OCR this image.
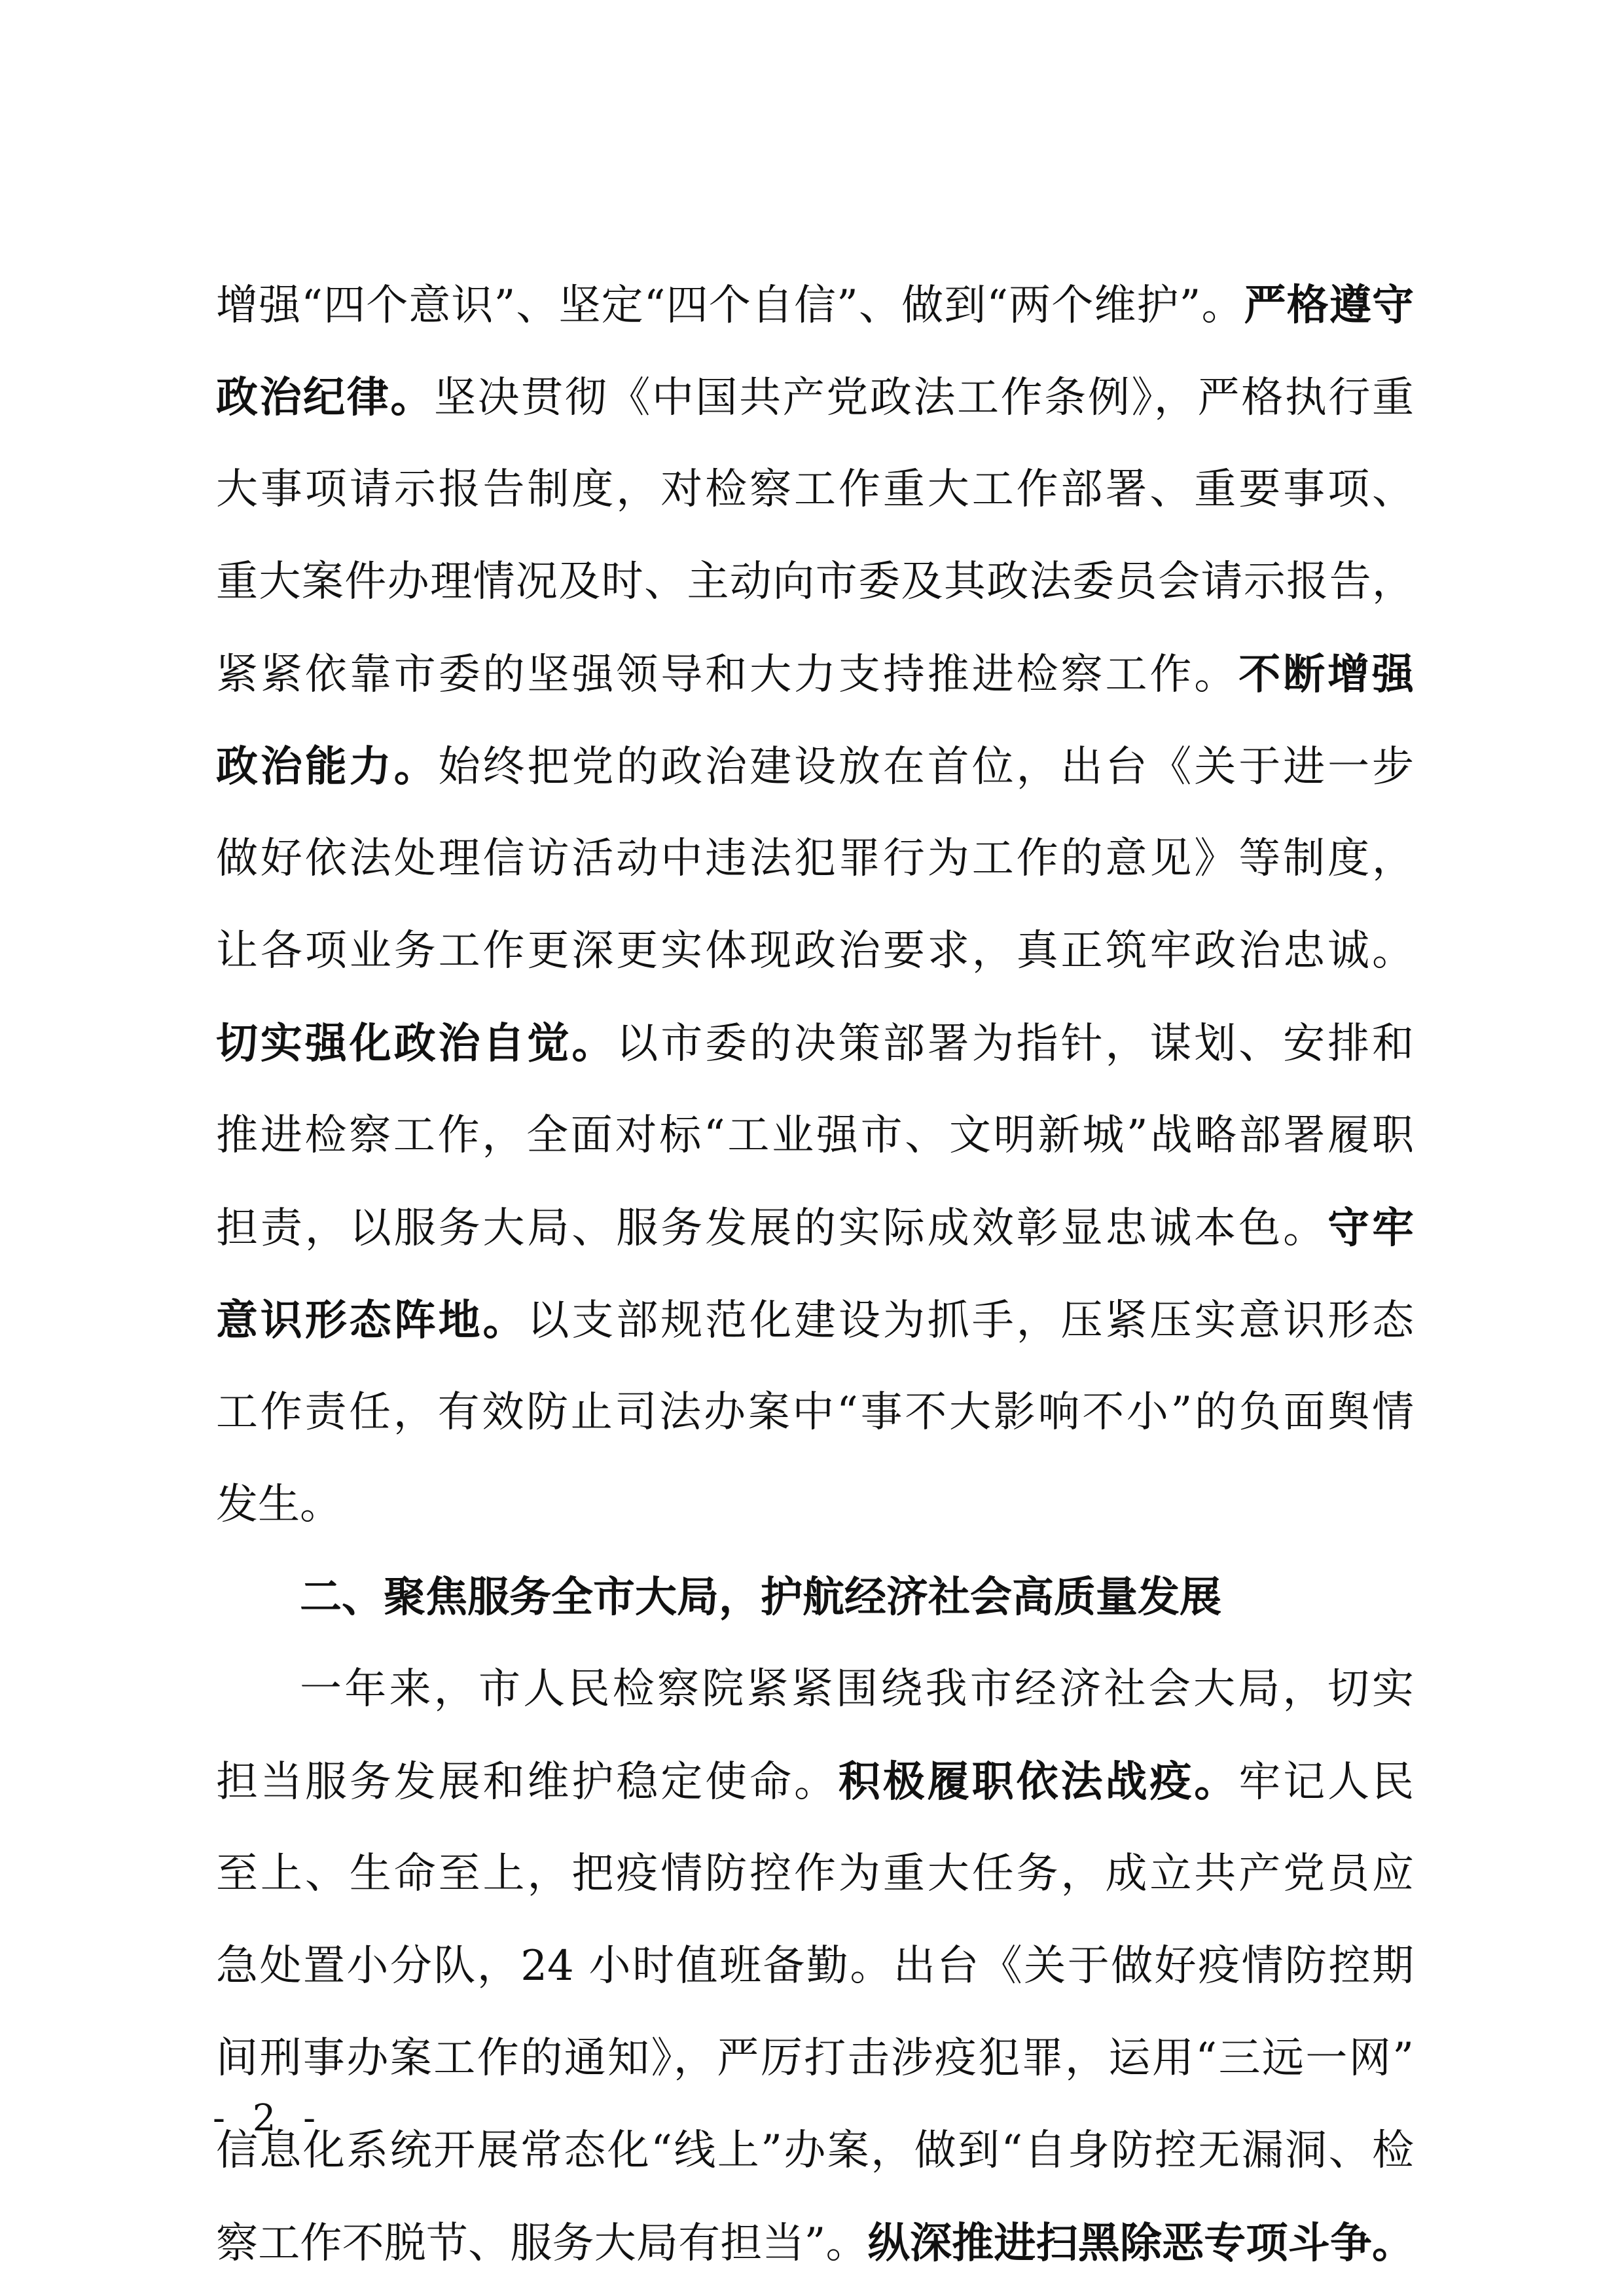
增强“四个意识”、坚定“四个自信”、做到“两个维护”。严格遵守
政治纪律。坚决贯彻《中国共产党政法工作条例》，严格执行重
大事项请示报告制度，对检察工作重大工作部署、重要事项、
重大案件办理情况及时、主动向市委及其政法委员会请示报告，
紧紧依靠市委的坚强领导和大力支持推进检察工作。不断增强
政治能力。始终把党的政治建设放在首位，出台《关于进一步
做好依法处理信访活动中违法犯罪行为工作的意见》等制度，
让各项业务工作更深更实体现政治要求，真正筑牢政治忠诚。
切实强化政治自觉。以市委的决策部署为指针，谋划、安排和
推进检察工作，全面对标“工业强市、文明新城”战略部署履职
担责，以服务大局、服务发展的实际成效彰显忠诚本色。守牢
意识形态阵地。以支部规范化建设为抓手，压紧压实意识形态
工作责任，有效防止司法办案中“事不大影响不小”的负面舆情
发生。
二、聚焦服务全市大局，护航经济社会高质量发展
一年来，市人民检察院紧紧围绕我市经济社会大局，切实
担当服务发展和维护稳定使命。积极履职依法战疫。牢记人民
至上、生命至上，把疫情防控作为重大任务，成立共产党员应
急处置小分队，24 小时值班备勤。出台《关于做好疫情防控期
间刑事办案工作的通知》，严厉打击涉疫犯罪，运用“三远一网”
信息化系统开展常态化“线上”办案，做到“自身防控无漏洞、检
察工作不脱节、服务大局有担当”。纵深推进扫黑除恶专项斗争。
- 2 -
